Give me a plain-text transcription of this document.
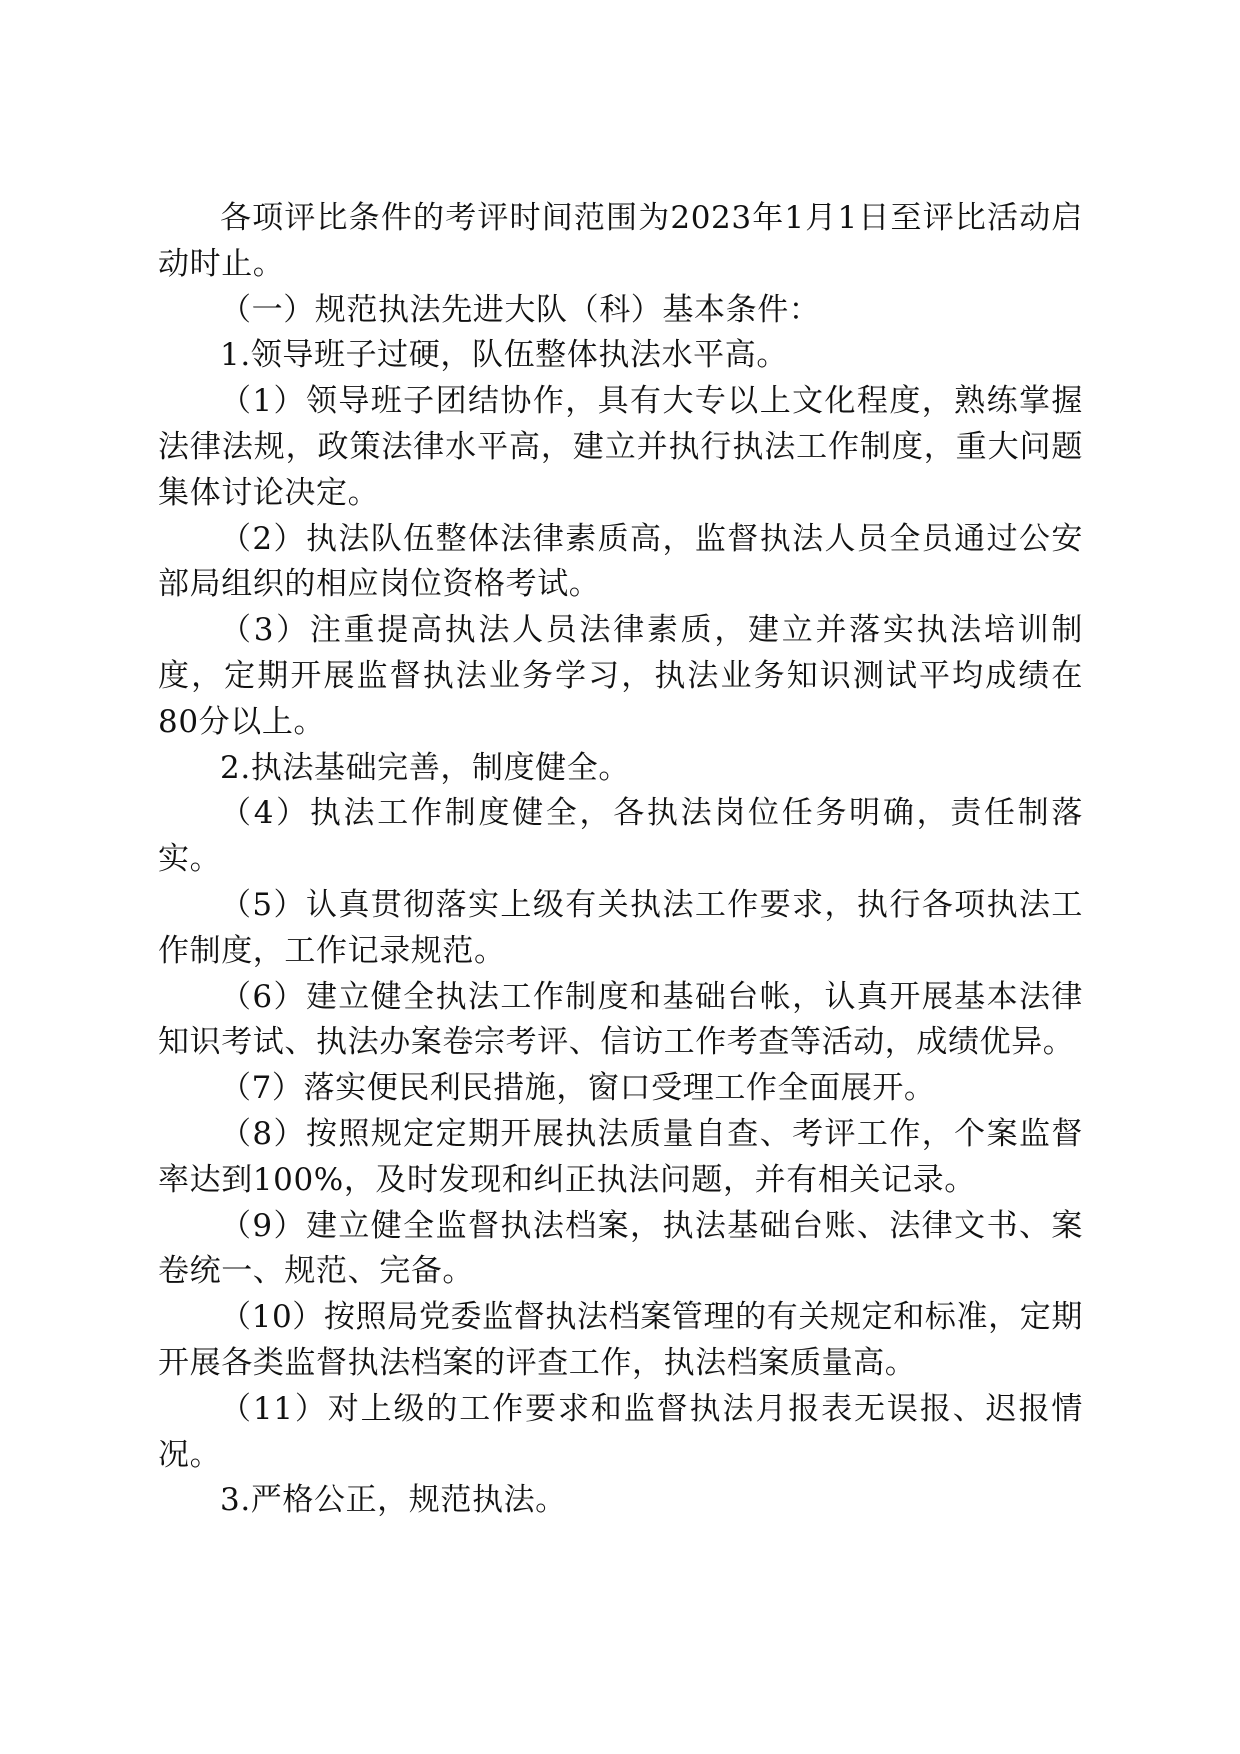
各项评比条件的考评时间范围为2023年1月1日至评比活动启动时止。

（一）规范执法先进大队（科）基本条件：

1.领导班子过硬，队伍整体执法水平高。

（1）领导班子团结协作，具有大专以上文化程度，熟练掌握法律法规，政策法律水平高，建立并执行执法工作制度，重大问题集体讨论决定。

（2）执法队伍整体法律素质高，监督执法人员全员通过公安部局组织的相应岗位资格考试。

（3）注重提高执法人员法律素质，建立并落实执法培训制度，定期开展监督执法业务学习，执法业务知识测试平均成绩在80分以上。

2.执法基础完善，制度健全。

（4）执法工作制度健全，各执法岗位任务明确，责任制落实。

（5）认真贯彻落实上级有关执法工作要求，执行各项执法工作制度，工作记录规范。

（6）建立健全执法工作制度和基础台帐，认真开展基本法律知识考试、执法办案卷宗考评、信访工作考查等活动，成绩优异。

（7）落实便民利民措施，窗口受理工作全面展开。

（8）按照规定定期开展执法质量自查、考评工作，个案监督率达到100%，及时发现和纠正执法问题，并有相关记录。

（9）建立健全监督执法档案，执法基础台账、法律文书、案卷统一、规范、完备。

（10）按照局党委监督执法档案管理的有关规定和标准，定期开展各类监督执法档案的评查工作，执法档案质量高。

（11）对上级的工作要求和监督执法月报表无误报、迟报情况。

3.严格公正，规范执法。
